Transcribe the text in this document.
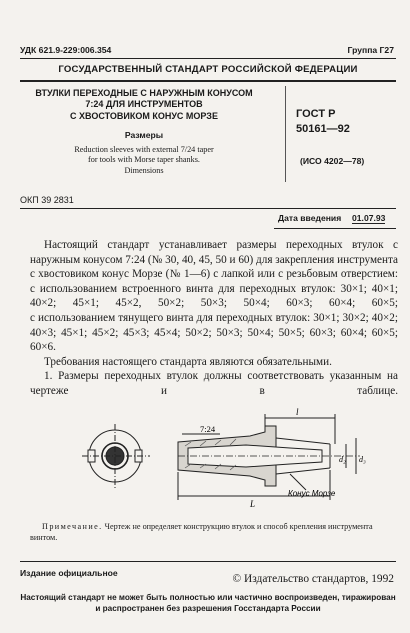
УДК 621.9-229:006.354	Группа Г27
ГОСУДАРСТВЕННЫЙ СТАНДАРТ РОССИЙСКОЙ ФЕДЕРАЦИИ
ВТУЛКИ ПЕРЕХОДНЫЕ С НАРУЖНЫМ КОНУСОМ
7:24 ДЛЯ ИНСТРУМЕНТОВ
С ХВОСТОВИКОМ КОНУС МОРЗЕ
Размеры
Reduction sleeves with external 7/24 taper
for tools with Morse taper shanks.
Dimensions
ГОСТ Р
50161—92
(ИСО 4202—78)
ОКП 39 2831
Дата введения 01.07.93

Настоящий стандарт устанавливает размеры переходных втулок с наружным конусом 7:24 (№ 30, 40, 45, 50 и 60) для закрепления инструмента с хвостовиком конус Морзе (№ 1—6) с лапкой или с резьбовым отверстием:

с использованием встроенного винта для переходных втулок: 30×1; 40×1; 40×2; 45×1; 45×2, 50×2; 50×3; 50×4; 60×3; 60×4; 60×5;

с использованием тянущего винта для переходных втулок: 30×1; 30×2; 40×2; 40×3; 45×1; 45×2; 45×3; 45×4; 50×2; 50×3; 50×4; 50×5; 60×3; 60×4; 60×5; 60×6.

Требования настоящего стандарта являются обязательными.

1. Размеры переходных втулок должны соответствовать указанным на чертеже и в таблице.

7:24
l
L
d₂ d₃
Конус Морзе
Примечание. Чертеж не определяет конструкцию втулок и способ крепления инструмента винтом.
Издание официальное	© Издательство стандартов, 1992
Настоящий стандарт не может быть полностью или частично воспроизведен, тиражирован и распространен без разрешения Госстандарта России
